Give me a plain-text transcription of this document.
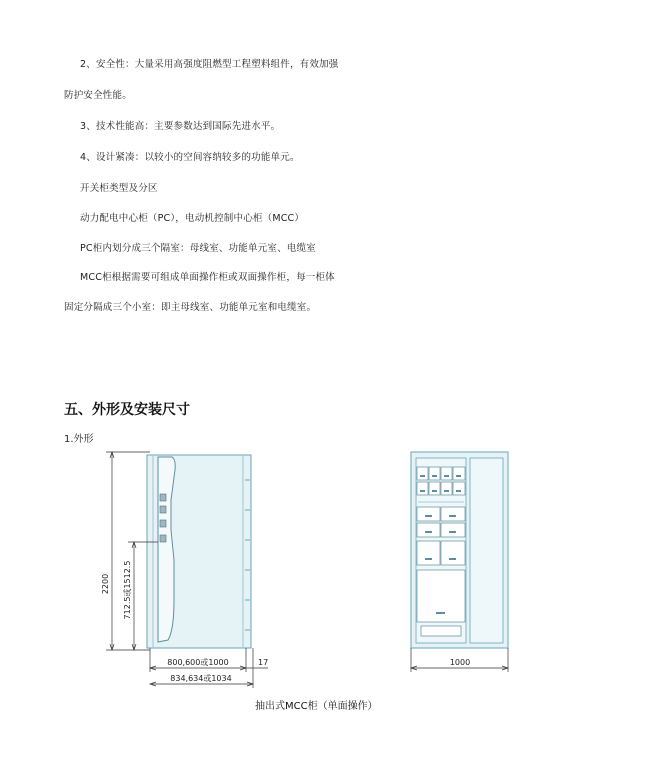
2、安全性：大量采用高强度阻燃型工程塑料组件，有效加强
防护安全性能。
3、技术性能高：主要参数达到国际先进水平。
4、设计紧凑：以较小的空间容纳较多的功能单元。
开关柜类型及分区
动力配电中心柜（PC），电动机控制中心柜（MCC）
PC柜内划分成三个隔室：母线室、功能单元室、电缆室
MCC柜根据需要可组成单面操作柜或双面操作柜，每一柜体
固定分隔成三个小室：即主母线室、功能单元室和电缆室。
五、外形及安装尺寸
1.外形
2200 712.5或1512.5
800,600或1000
834,634或1034
17	1000
抽出式MCC柜（单面操作）
